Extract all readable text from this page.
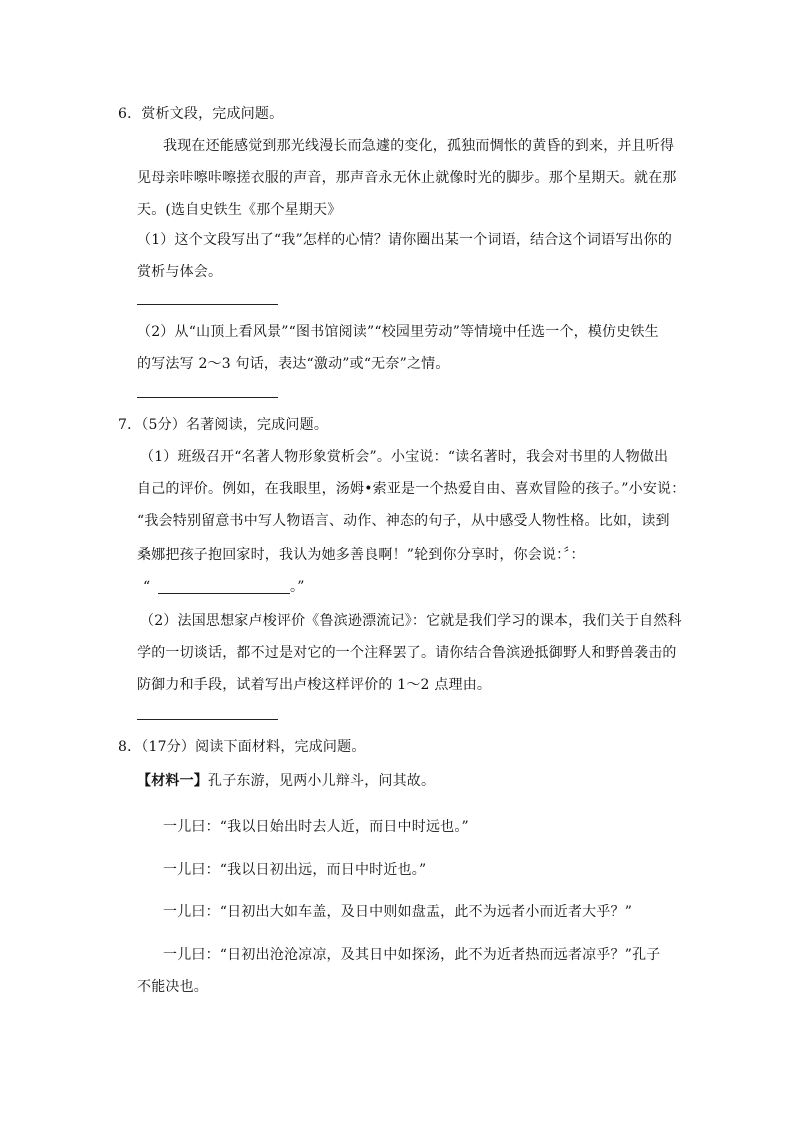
6．赏析文段，完成问题。
我现在还能感觉到那光线漫长而急遽的变化，孤独而惆怅的黄昏的到来，并且听得
见母亲咔嚓咔嚓搓衣服的声音，那声音永无休止就像时光的脚步。那个星期天。就在那
天。(选自史铁生《那个星期天》
（1）这个文段写出了“我”怎样的心情？请你圈出某一个词语，结合这个词语写出你的
赏析与体会。
（2）从“山顶上看风景”“图书馆阅读”“校园里劳动”等情境中任选一个，模仿史铁生
的写法写 2～3 句话，表达“激动”或“无奈”之情。
7．（5分）名著阅读，完成问题。
（1）班级召开“名著人物形象赏析会”。小宝说：“读名著时，我会对书里的人物做出
自己的评价。例如，在我眼里，汤姆•索亚是一个热爱自由、喜欢冒险的孩子。”小安说：
“我会特别留意书中写人物语言、动作、神态的句子，从中感受人物性格。比如，读到
桑娜把孩子抱回家时，我认为她多善良啊！”轮到你分享时，你会说：〞：
“	。”
（2）法国思想家卢梭评价《鲁滨逊漂流记》：它就是我们学习的课本，我们关于自然科
学的一切谈话，都不过是对它的一个注释罢了。请你结合鲁滨逊抵御野人和野兽袭击的
防御力和手段，试着写出卢梭这样评价的 1～2 点理由。
8．（17分）阅读下面材料，完成问题。
【材料一】孔子东游，见两小儿辩斗，问其故。
一儿曰：“我以日始出时去人近，而日中时远也。”
一儿曰：“我以日初出远，而日中时近也。”
一儿曰：“日初出大如车盖，及日中则如盘盂，此不为远者小而近者大乎？”
一儿曰：“日初出沧沧凉凉，及其日中如探汤，此不为近者热而远者凉乎？”孔子
不能决也。
